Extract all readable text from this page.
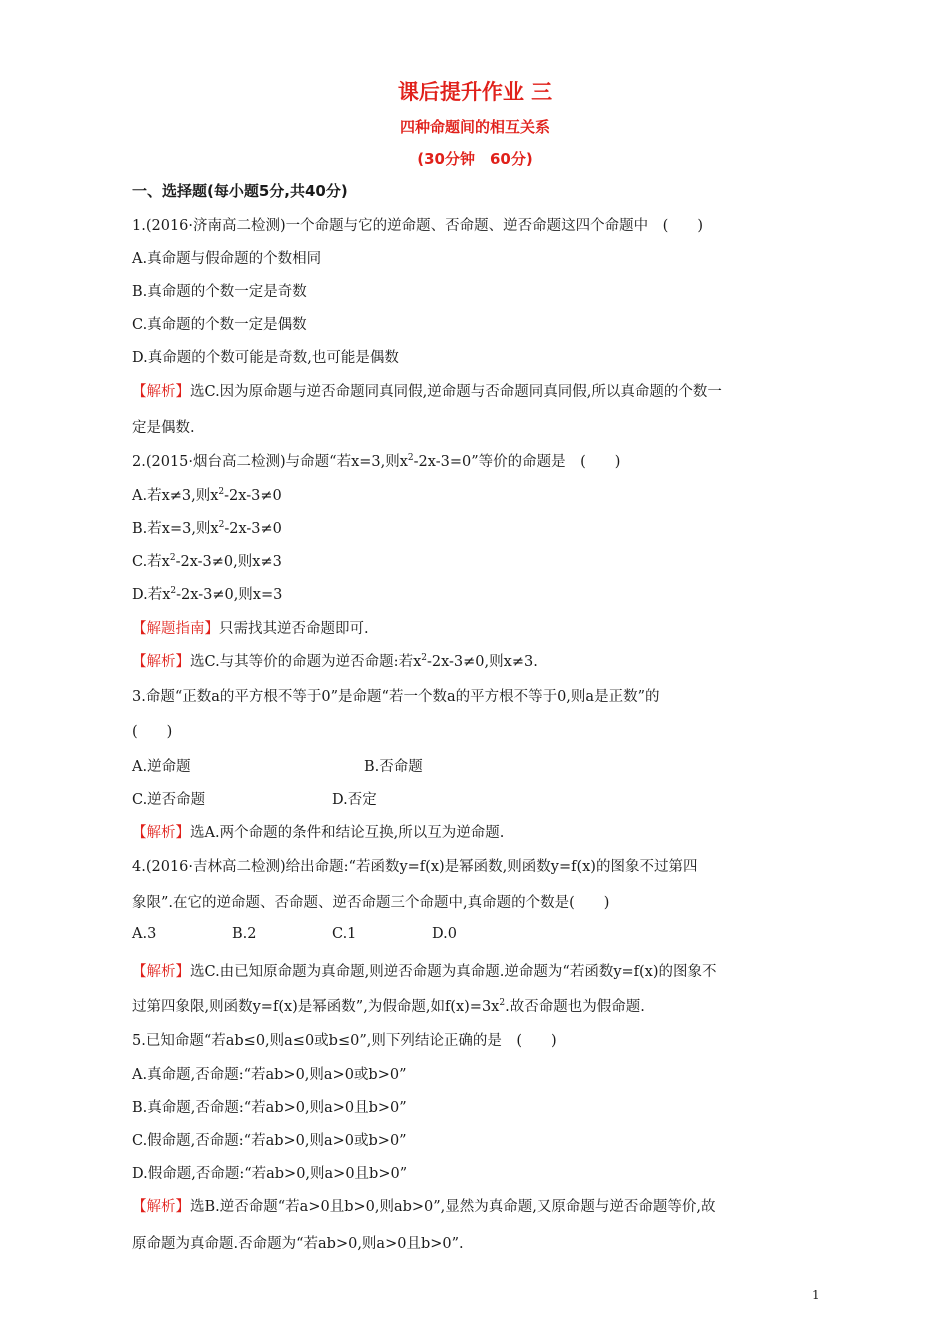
课后提升作业 三
四种命题间的相互关系
(30分钟　60分)
一、选择题(每小题5分,共40分)
1.(2016·济南高二检测)一个命题与它的逆命题、否命题、逆否命题这四个命题中　(　　)
A.真命题与假命题的个数相同
B.真命题的个数一定是奇数
C.真命题的个数一定是偶数
D.真命题的个数可能是奇数,也可能是偶数
【解析】选C.因为原命题与逆否命题同真同假,逆命题与否命题同真同假,所以真命题的个数一
定是偶数.
2.(2015·烟台高二检测)与命题“若x=3,则$x^2-2x-3=0$”等价的命题是　(　　)
A.若x≠3,则$x^2-2x-3\ne 0$
B.若x=3,则$x^2-2x-3\ne 0$
C.若$x^2-2x-3\ne 0$,则x≠3
D.若$x^2-2x-3\ne 0$,则x=3
【解题指南】只需找其逆否命题即可.
【解析】选C.与其等价的命题为逆否命题:若$x^2-2x-3\ne 0$,则x≠3.
3.命题“正数a的平方根不等于0”是命题“若一个数a的平方根不等于0,则a是正数”的
(　　)
A.逆命题	B.否命题
C.逆否命题	D.否定
【解析】选A.两个命题的条件和结论互换,所以互为逆命题.
4.(2016·吉林高二检测)给出命题:“若函数y=f(x)是幂函数,则函数y=f(x)的图象不过第四
象限”.在它的逆命题、否命题、逆否命题三个命题中,真命题的个数是(　　)
A.3	B.2	C.1	D.0
【解析】选C.由已知原命题为真命题,则逆否命题为真命题.逆命题为“若函数y=f(x)的图象不
过第四象限,则函数y=f(x)是幂函数”,为假命题,如$f(x)=3x^2$.故否命题也为假命题.
5.已知命题“若ab≤0,则a≤0或b≤0”,则下列结论正确的是　(　　)
A.真命题,否命题:“若ab>0,则a>0或b>0”
B.真命题,否命题:“若ab>0,则a>0且b>0”
C.假命题,否命题:“若ab>0,则a>0或b>0”
D.假命题,否命题:“若ab>0,则a>0且b>0”
【解析】选B.逆否命题“若a>0且b>0,则ab>0”,显然为真命题,又原命题与逆否命题等价,故
原命题为真命题.否命题为“若ab>0,则a>0且b>0”.
1
